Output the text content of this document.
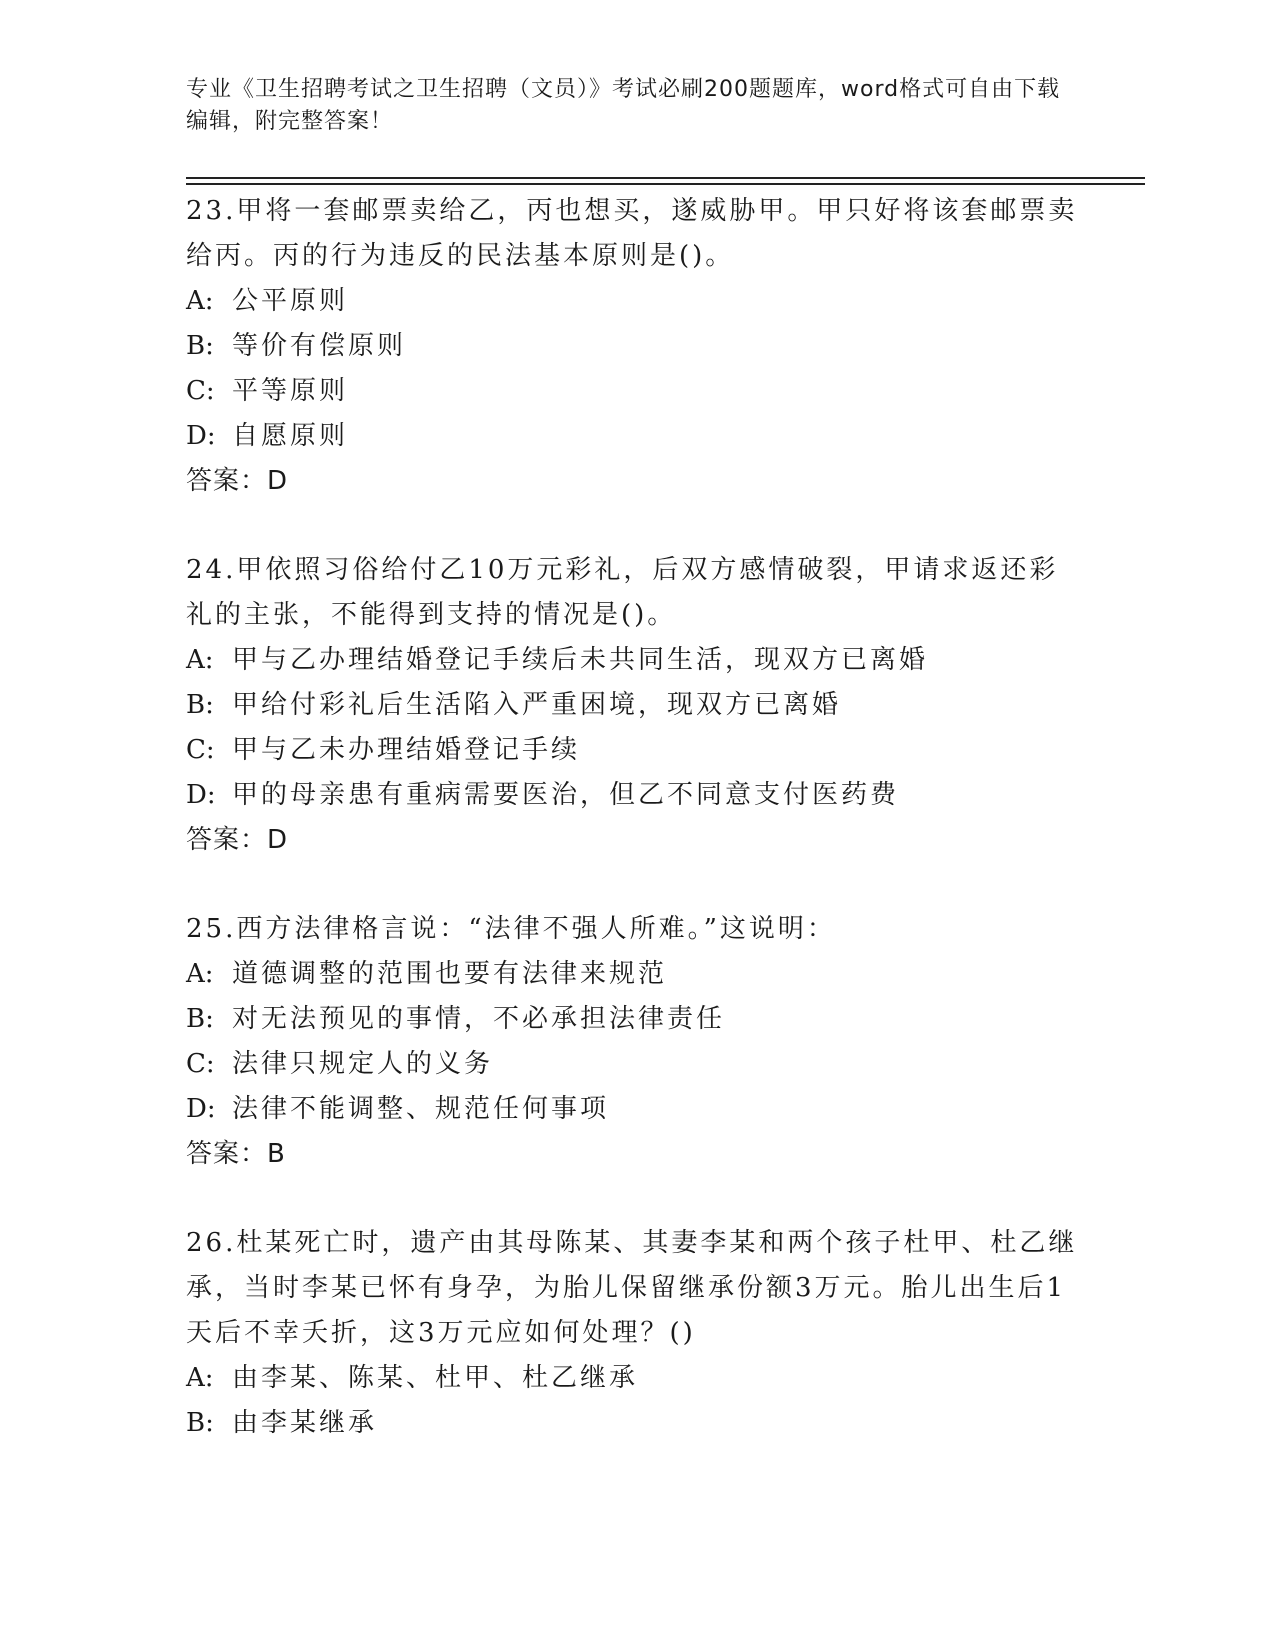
专业《卫生招聘考试之卫生招聘（文员）》考试必刷200题题库，word格式可自由下载编辑，附完整答案！
23.甲将一套邮票卖给乙，丙也想买，遂威胁甲。甲只好将该套邮票卖给丙。丙的行为违反的民法基本原则是()。
A: 公平原则
B: 等价有偿原则
C: 平等原则
D: 自愿原则
答案：D
24.甲依照习俗给付乙10万元彩礼，后双方感情破裂，甲请求返还彩礼的主张，不能得到支持的情况是()。
A: 甲与乙办理结婚登记手续后未共同生活，现双方已离婚
B: 甲给付彩礼后生活陷入严重困境，现双方已离婚
C: 甲与乙未办理结婚登记手续
D: 甲的母亲患有重病需要医治，但乙不同意支付医药费
答案：D
25.西方法律格言说：“法律不强人所难。”这说明：
A: 道德调整的范围也要有法律来规范
B: 对无法预见的事情，不必承担法律责任
C: 法律只规定人的义务
D: 法律不能调整、规范任何事项
答案：B
26.杜某死亡时，遗产由其母陈某、其妻李某和两个孩子杜甲、杜乙继承，当时李某已怀有身孕，为胎儿保留继承份额3万元。胎儿出生后1天后不幸夭折，这3万元应如何处理？()
A: 由李某、陈某、杜甲、杜乙继承
B: 由李某继承
